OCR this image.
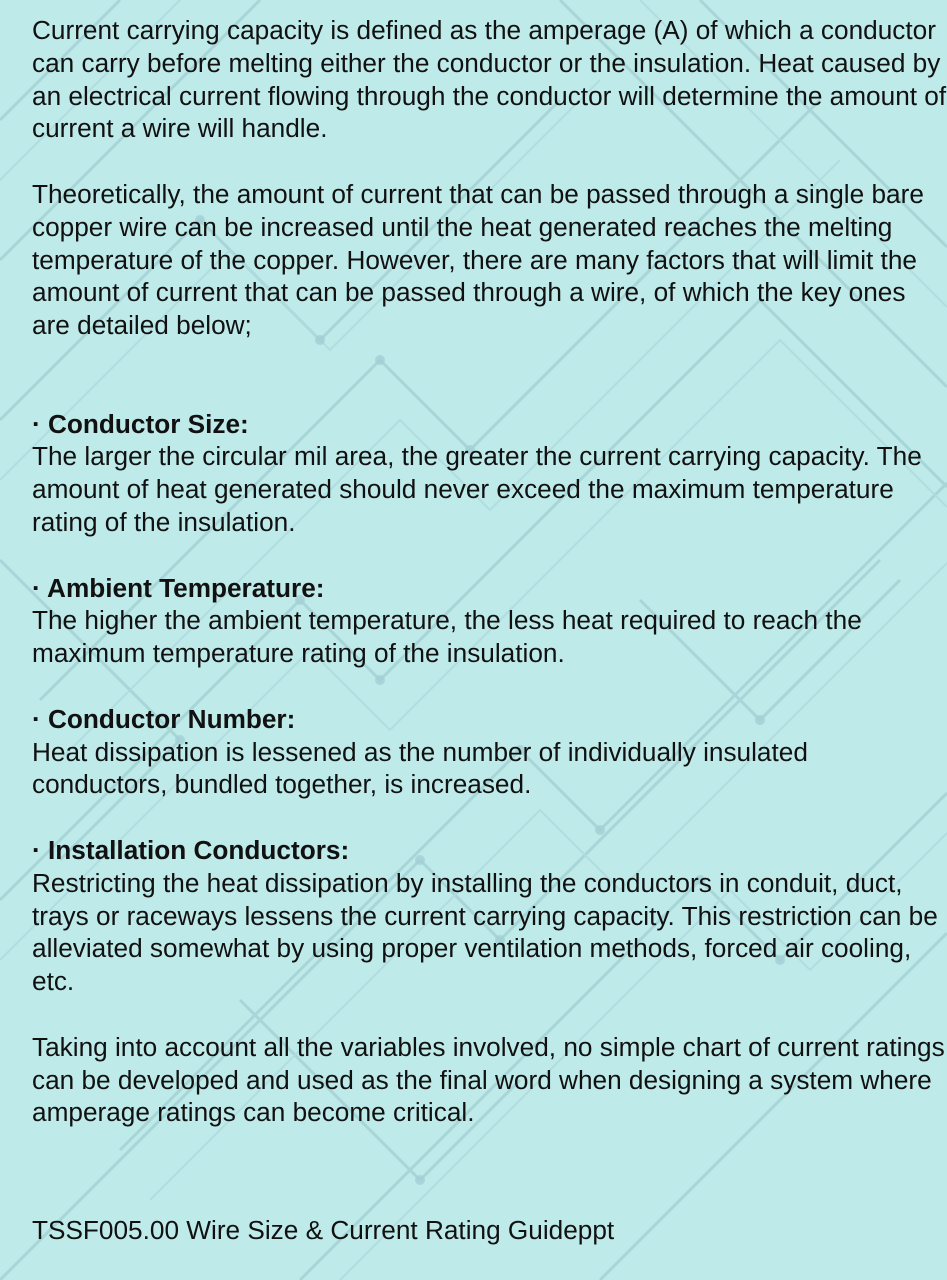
Current carrying capacity is defined as the amperage (A) of which a conductor can carry before melting either the conductor or the insulation. Heat caused by an electrical current flowing through the conductor will determine the amount of current a wire will handle.

Theoretically, the amount of current that can be passed through a single bare copper wire can be increased until the heat generated reaches the melting temperature of the copper. However, there are many factors that will limit the amount of current that can be passed through a wire, of which the key ones are detailed below;

· Conductor Size:

The larger the circular mil area, the greater the current carrying capacity. The amount of heat generated should never exceed the maximum temperature rating of the insulation.

· Ambient Temperature:

The higher the ambient temperature, the less heat required to reach the maximum temperature rating of the insulation.

· Conductor Number:

Heat dissipation is lessened as the number of individually insulated conductors, bundled together, is increased.

· Installation Conductors:

Restricting the heat dissipation by installing the conductors in conduit, duct, trays or raceways lessens the current carrying capacity. This restriction can be alleviated somewhat by using proper ventilation methods, forced air cooling, etc.

Taking into account all the variables involved, no simple chart of current ratings can be developed and used as the final word when designing a system where amperage ratings can become critical.

TSSF005.00 Wire Size & Current Rating Guideppt
